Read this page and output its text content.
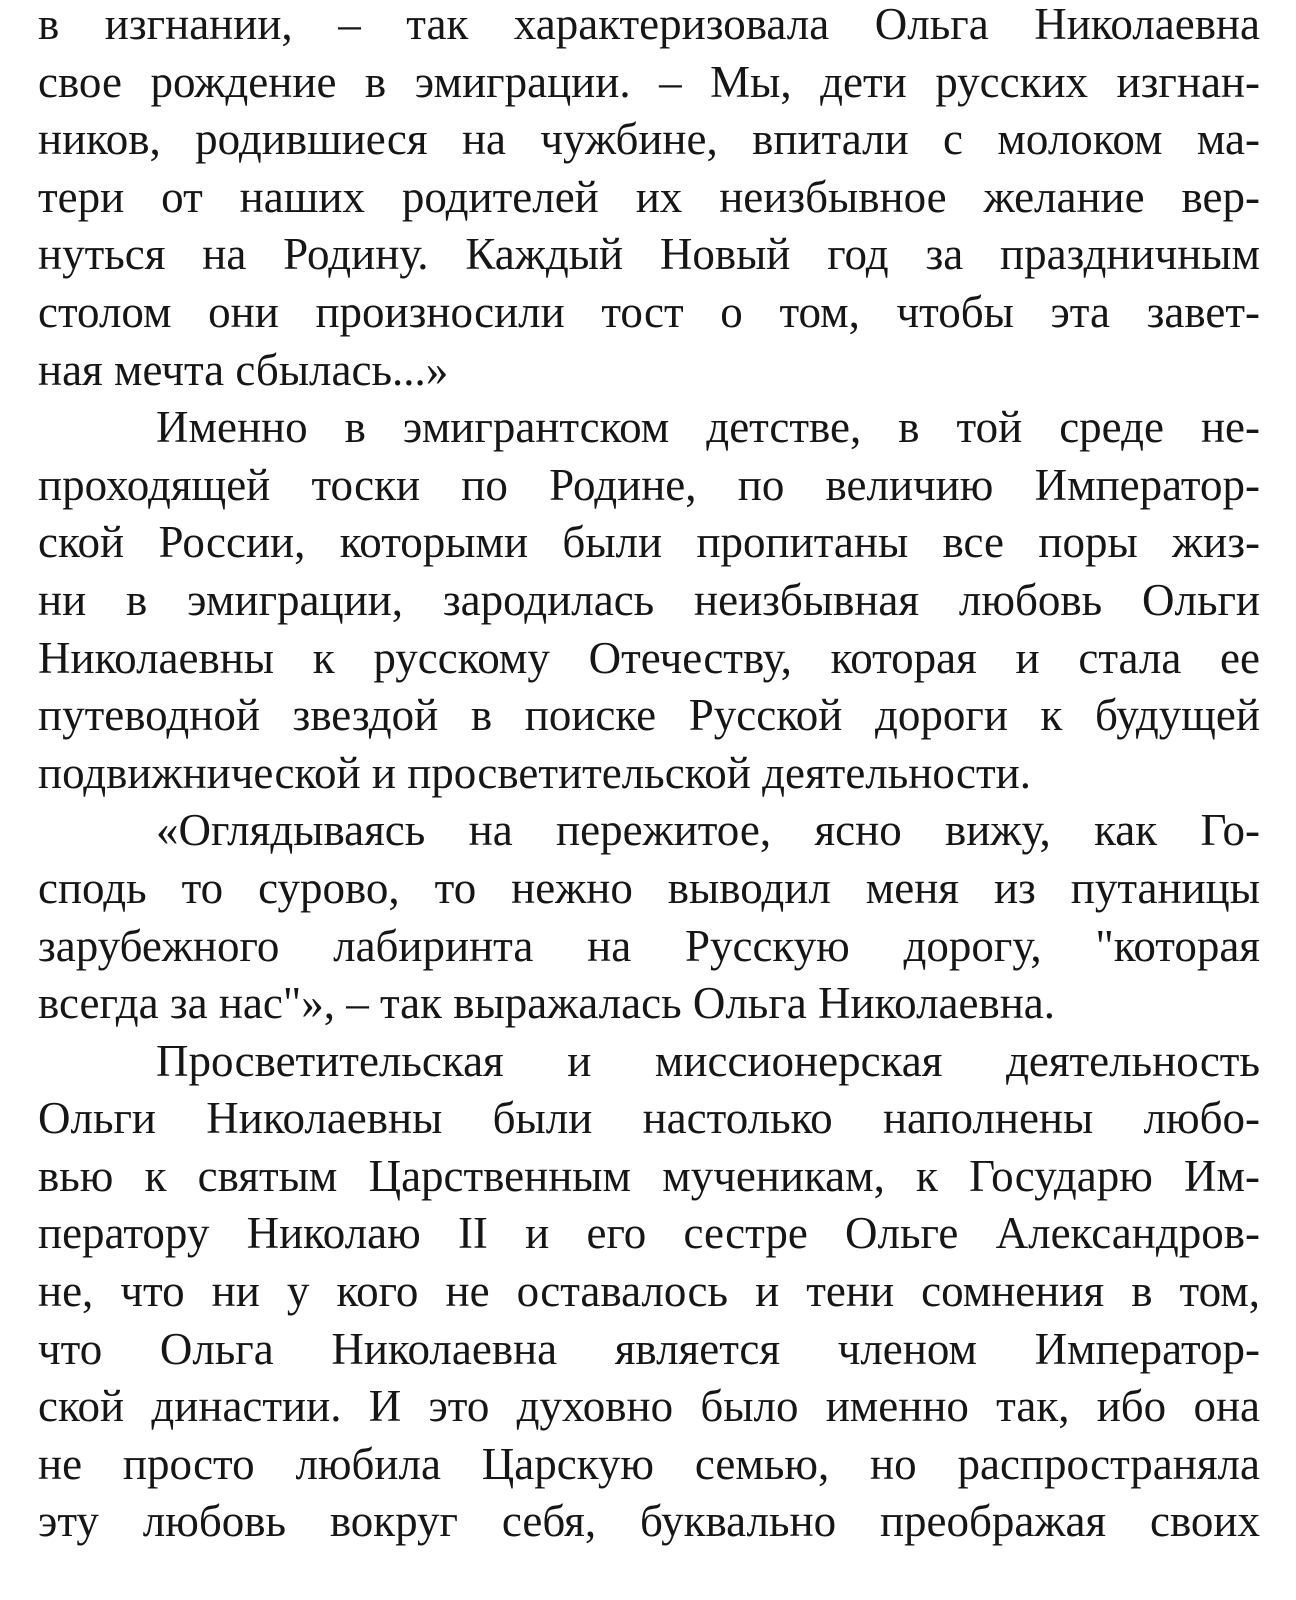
в изгнании, – так характеризовала Ольга Николаевна
свое рождение в эмиграции. – Мы, дети русских изгнан-
ников, родившиеся на чужбине, впитали с молоком ма-
тери от наших родителей их неизбывное желание вер-
нуться на Родину. Каждый Новый год за праздничным
столом они произносили тост о том, чтобы эта завет-
ная мечта сбылась...»
Именно в эмигрантском детстве, в той среде не-
проходящей тоски по Родине, по величию Император-
ской России, которыми были пропитаны все поры жиз-
ни в эмиграции, зародилась неизбывная любовь Ольги
Николаевны к русскому Отечеству, которая и стала ее
путеводной звездой в поиске Русской дороги к будущей
подвижнической и просветительской деятельности.
«Оглядываясь на пережитое, ясно вижу, как Го-
сподь то сурово, то нежно выводил меня из путаницы
зарубежного лабиринта на Русскую дорогу, "которая
всегда за нас"», – так выражалась Ольга Николаевна.
Просветительская и миссионерская деятельность
Ольги Николаевны были настолько наполнены любо-
вью к святым Царственным мученикам, к Государю Им-
ператору Николаю II и его сестре Ольге Александров-
не, что ни у кого не оставалось и тени сомнения в том,
что Ольга Николаевна является членом Император-
ской династии. И это духовно было именно так, ибо она
не просто любила Царскую семью, но распространяла
эту любовь вокруг себя, буквально преображая своих
